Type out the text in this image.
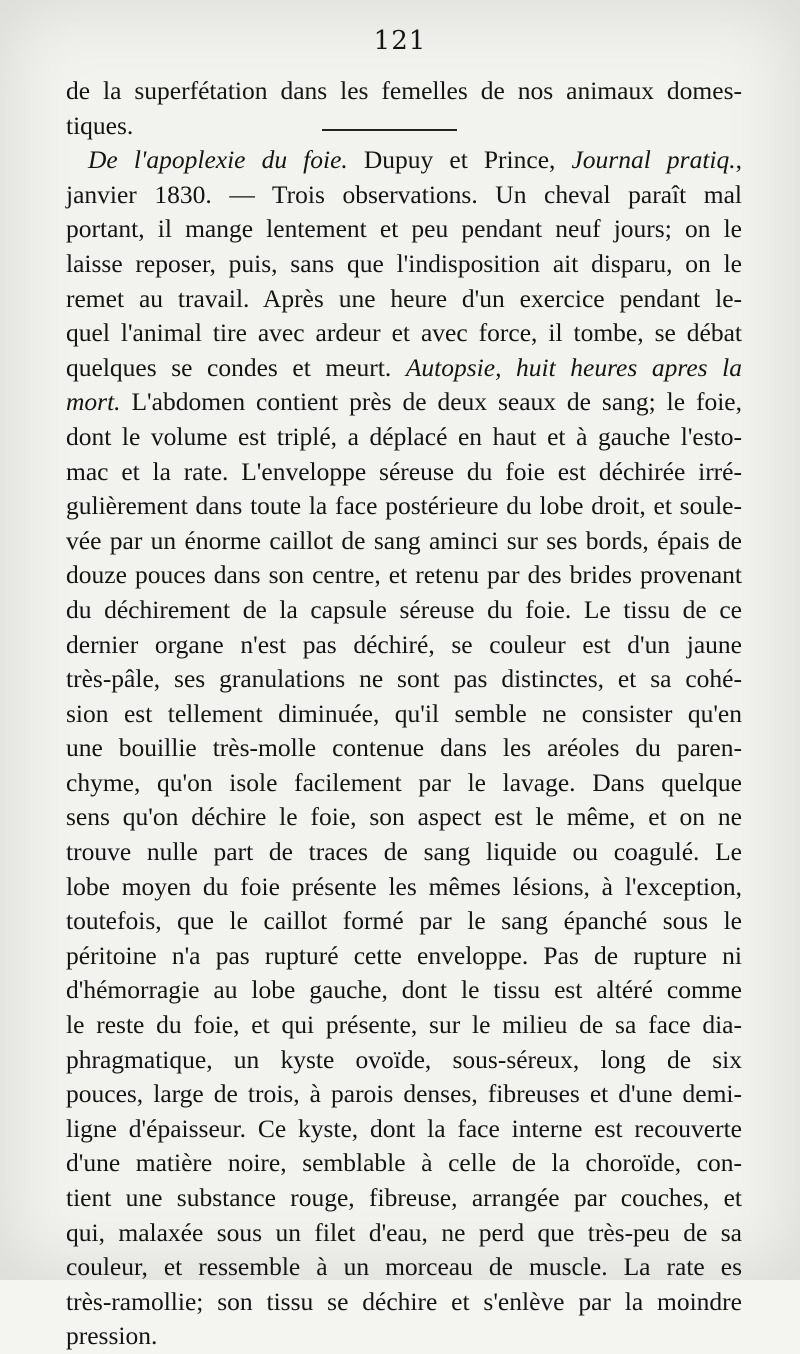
121
de la superfétation dans les femelles de nos animaux domes-
tiques.
De l'apoplexie du foie. Dupuy et Prince, Journal pratiq.,
janvier 1830. — Trois observations. Un cheval paraît mal
portant, il mange lentement et peu pendant neuf jours; on le
laisse reposer, puis, sans que l'indisposition ait disparu, on le
remet au travail. Après une heure d'un exercice pendant le-
quel l'animal tire avec ardeur et avec force, il tombe, se débat
quelques se condes et meurt. Autopsie, huit heures apres la
mort. L'abdomen contient près de deux seaux de sang; le foie,
dont le volume est triplé, a déplacé en haut et à gauche l'esto-
mac et la rate. L'enveloppe séreuse du foie est déchirée irré-
gulièrement dans toute la face postérieure du lobe droit, et soule-
vée par un énorme caillot de sang aminci sur ses bords, épais de
douze pouces dans son centre, et retenu par des brides provenant
du déchirement de la capsule séreuse du foie. Le tissu de ce
dernier organe n'est pas déchiré, se couleur est d'un jaune
très-pâle, ses granulations ne sont pas distinctes, et sa cohé-
sion est tellement diminuée, qu'il semble ne consister qu'en
une bouillie très-molle contenue dans les aréoles du paren-
chyme, qu'on isole facilement par le lavage. Dans quelque
sens qu'on déchire le foie, son aspect est le même, et on ne
trouve nulle part de traces de sang liquide ou coagulé. Le
lobe moyen du foie présente les mêmes lésions, à l'exception,
toutefois, que le caillot formé par le sang épanché sous le
péritoine n'a pas rupturé cette enveloppe. Pas de rupture ni
d'hémorragie au lobe gauche, dont le tissu est altéré comme
le reste du foie, et qui présente, sur le milieu de sa face dia-
phragmatique, un kyste ovoïde, sous-séreux, long de six
pouces, large de trois, à parois denses, fibreuses et d'une demi-
ligne d'épaisseur. Ce kyste, dont la face interne est recouverte
d'une matière noire, semblable à celle de la choroïde, con-
tient une substance rouge, fibreuse, arrangée par couches, et
qui, malaxée sous un filet d'eau, ne perd que très-peu de sa
couleur, et ressemble à un morceau de muscle. La rate es
très-ramollie; son tissu se déchire et s'enlève par la moindre
pression.
